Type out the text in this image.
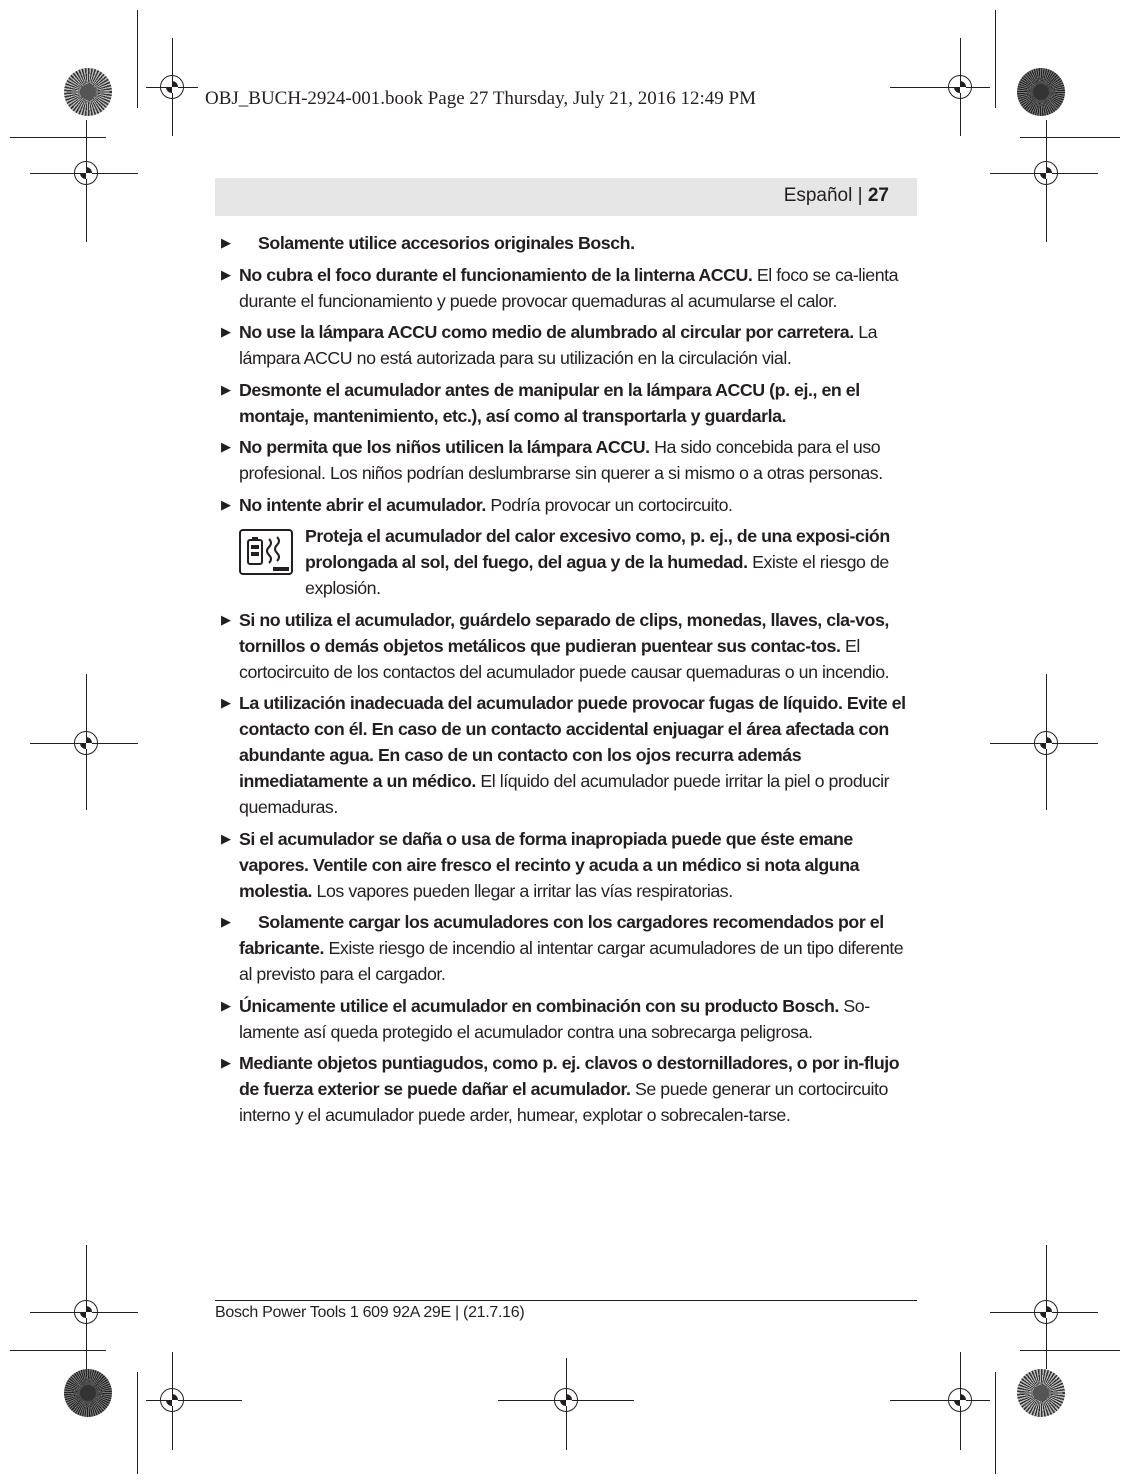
OBJ_BUCH-2924-001.book Page 27 Thursday, July 21, 2016 12:49 PM
Español | 27
▶ Solamente utilice accesorios originales Bosch.
▶ No cubra el foco durante el funcionamiento de la linterna ACCU. El foco se ca-lienta durante el funcionamiento y puede provocar quemaduras al acumularse el calor.
▶ No use la lámpara ACCU como medio de alumbrado al circular por carretera. La lámpara ACCU no está autorizada para su utilización en la circulación vial.
▶ Desmonte el acumulador antes de manipular en la lámpara ACCU (p. ej., en el montaje, mantenimiento, etc.), así como al transportarla y guardarla.
▶ No permita que los niños utilicen la lámpara ACCU. Ha sido concebida para el uso profesional. Los niños podrían deslumbrarse sin querer a si mismo o a otras personas.
▶ No intente abrir el acumulador. Podría provocar un cortocircuito.
Proteja el acumulador del calor excesivo como, p. ej., de una exposi-ción prolongada al sol, del fuego, del agua y de la humedad. Existe el riesgo de explosión.
▶ Si no utiliza el acumulador, guárdelo separado de clips, monedas, llaves, cla-vos, tornillos o demás objetos metálicos que pudieran puentear sus contac-tos. El cortocircuito de los contactos del acumulador puede causar quemaduras o un incendio.
▶ La utilización inadecuada del acumulador puede provocar fugas de líquido. Evite el contacto con él. En caso de un contacto accidental enjuagar el área afectada con abundante agua. En caso de un contacto con los ojos recurra además inmediatamente a un médico. El líquido del acumulador puede irritar la piel o producir quemaduras.
▶ Si el acumulador se daña o usa de forma inapropiada puede que éste emane vapores. Ventile con aire fresco el recinto y acuda a un médico si nota alguna molestia. Los vapores pueden llegar a irritar las vías respiratorias.
▶ Solamente cargar los acumuladores con los cargadores recomendados por el fabricante. Existe riesgo de incendio al intentar cargar acumuladores de un tipo diferente al previsto para el cargador.
▶ Únicamente utilice el acumulador en combinación con su producto Bosch. So-lamente así queda protegido el acumulador contra una sobrecarga peligrosa.
▶ Mediante objetos puntiagudos, como p. ej. clavos o destornilladores, o por in-flujo de fuerza exterior se puede dañar el acumulador. Se puede generar un cortocircuito interno y el acumulador puede arder, humear, explotar o sobrecalen-tarse.
Bosch Power Tools 1 609 92A 29E | (21.7.16)
